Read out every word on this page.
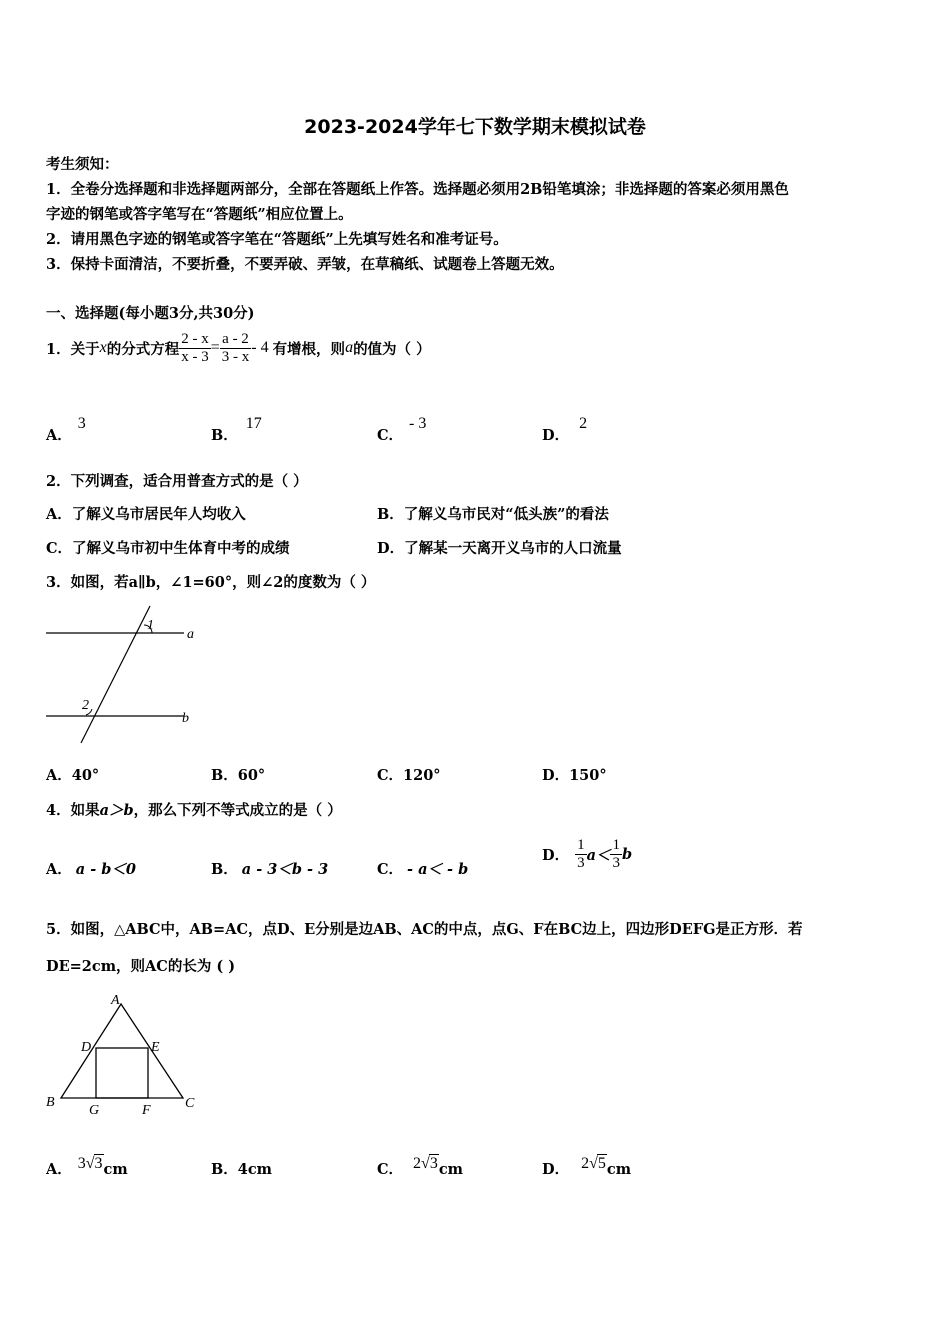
2023-2024学年七下数学期末模拟试卷
考生须知：
1．全卷分选择题和非选择题两部分，全部在答题纸上作答。选择题必须用2B铅笔填涂；非选择题的答案必须用黑色
字迹的钢笔或答字笔写在“答题纸”相应位置上。
2．请用黑色字迹的钢笔或答字笔在“答题纸”上先填写姓名和准考证号。
3．保持卡面清洁，不要折叠，不要弄破、弄皱，在草稿纸、试题卷上答题无效。
一、选择题(每小题3分,共30分)
1．关于 x 的分式方程 $\frac{2 - x}{x - 3} = \frac{a - 2}{3 - x} - 4$ 有增根，则 a 的值为（ ）
A．3
B．17
C．- 3
D．2
2．下列调查，适合用普查方式的是（ ）
A．了解义乌市居民年人均收入	B．了解义乌市民对“低头族”的看法
C．了解义乌市初中生体育中考的成绩	D．了解某一天离开义乌市的人口流量
3．如图，若a∥b，∠1=60°，则∠2的度数为（ ）
1
2
a
b
A．40°	B．60°	C．120°	D．150°
4．如果a＞b，那么下列不等式成立的是（ ）
A． a - b＜0	B． a - 3＜b - 3	C． - a＜ - b
D． $\frac{1}{3} a< \frac{1}{3}$ b
5．如图，△ABC中，AB=AC，点D、E分别是边AB、AC的中点，点G、F在BC边上，四边形DEFG是正方形．若
DE=2cm，则AC的长为 ( )
A
B	C
D	E
F
G
A． 3√3cm	B．4cm	C． 2√3cm	D． 2√5cm
